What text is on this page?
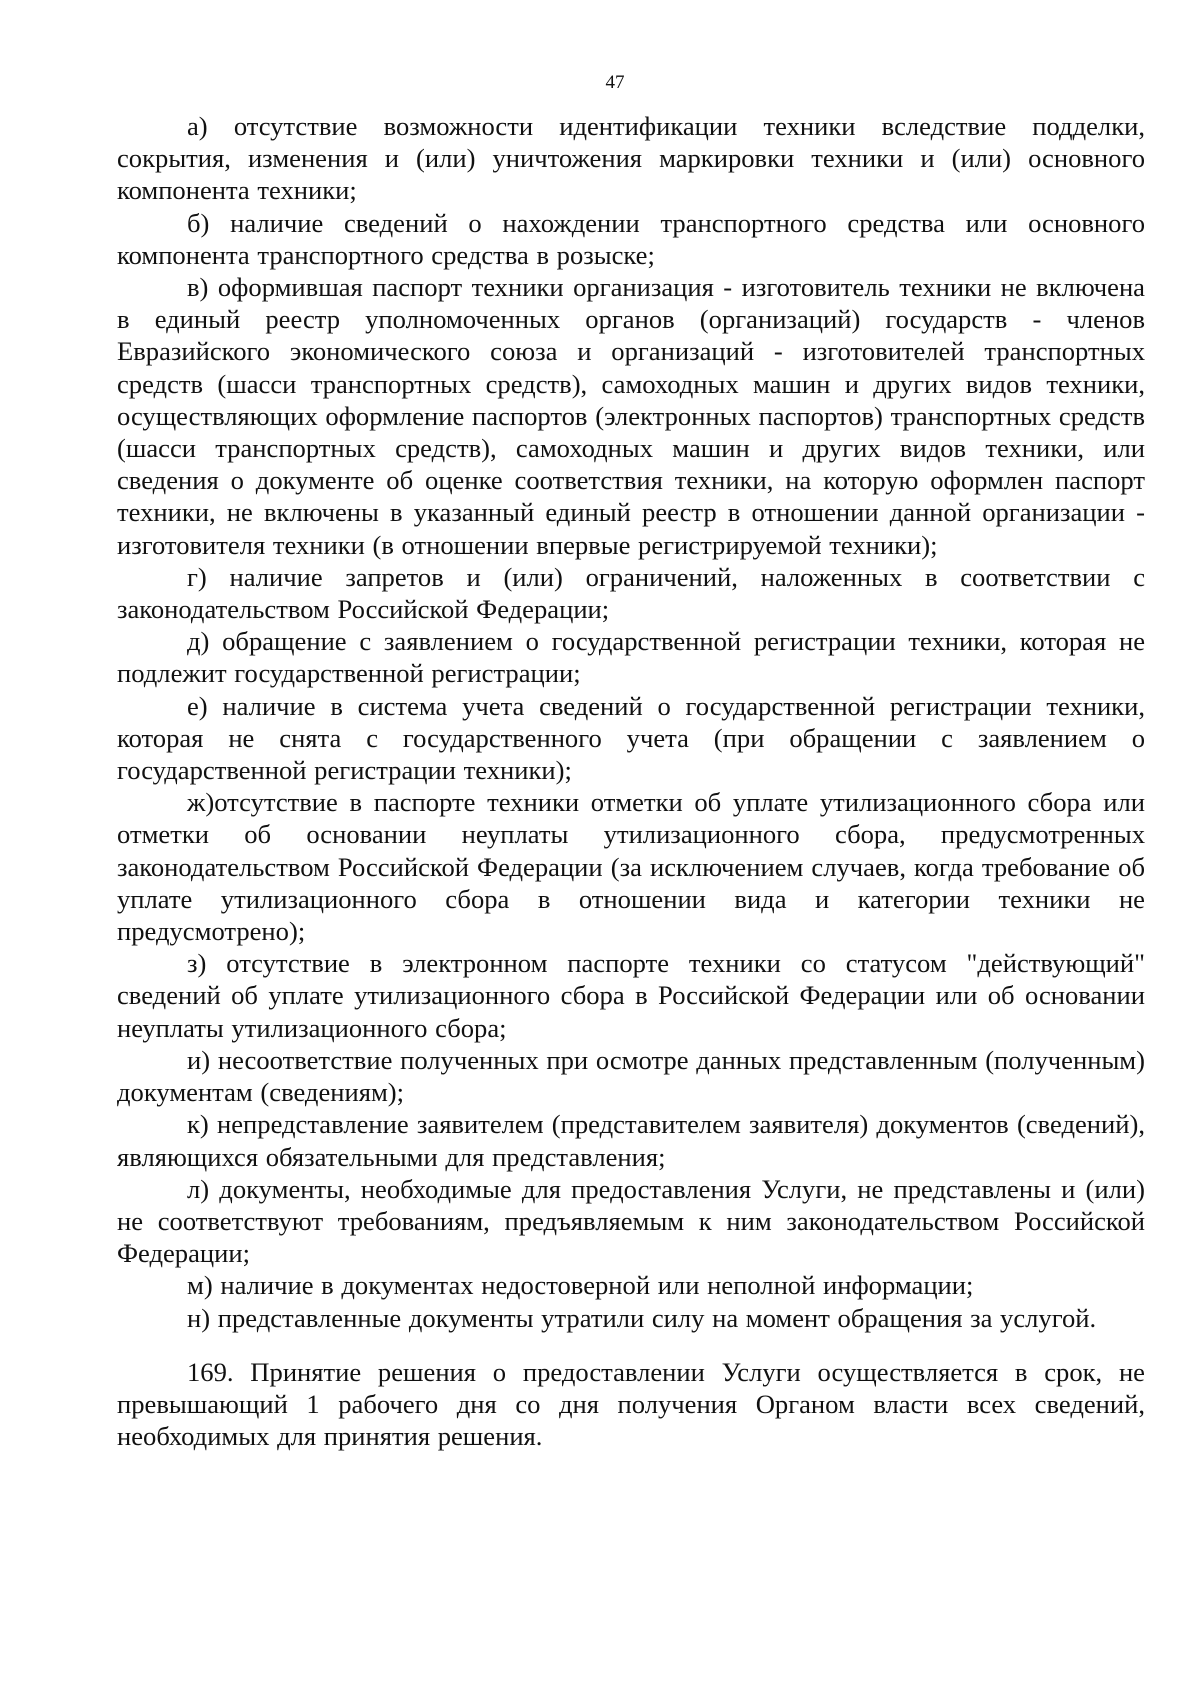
47

а) отсутствие возможности идентификации техники вследствие подделки, сокрытия, изменения и (или) уничтожения маркировки техники и (или) основного компонента техники;

б) наличие сведений о нахождении транспортного средства или основного компонента транспортного средства в розыске;

в) оформившая паспорт техники организация - изготовитель техники не включена в единый реестр уполномоченных органов (организаций) государств - членов Евразийского экономического союза и организаций - изготовителей транспортных средств (шасси транспортных средств), самоходных машин и других видов техники, осуществляющих оформление паспортов (электронных паспортов) транспортных средств (шасси транспортных средств), самоходных машин и других видов техники, или сведения о документе об оценке соответствия техники, на которую оформлен паспорт техники, не включены в указанный единый реестр в отношении данной организации - изготовителя техники (в отношении впервые регистрируемой техники);

г) наличие запретов и (или) ограничений, наложенных в соответствии с законодательством Российской Федерации;

д) обращение с заявлением о государственной регистрации техники, которая не подлежит государственной регистрации;

е) наличие в система учета сведений о государственной регистрации техники, которая не снята с государственного учета (при обращении с заявлением о государственной регистрации техники);

ж)отсутствие в паспорте техники отметки об уплате утилизационного сбора или отметки об основании неуплаты утилизационного сбора, предусмотренных законодательством Российской Федерации (за исключением случаев, когда требование об уплате утилизационного сбора в отношении вида и категории техники не предусмотрено);

з) отсутствие в электронном паспорте техники со статусом "действующий" сведений об уплате утилизационного сбора в Российской Федерации или об основании неуплаты утилизационного сбора;

и) несоответствие полученных при осмотре данных представленным (полученным) документам (сведениям);

к) непредставление заявителем (представителем заявителя) документов (сведений), являющихся обязательными для представления;

л) документы, необходимые для предоставления Услуги, не представлены и (или) не соответствуют требованиям, предъявляемым к ним законодательством Российской Федерации;

м) наличие в документах недостоверной или неполной информации;

н) представленные документы утратили силу на момент обращения за услугой.

169. Принятие решения о предоставлении Услуги осуществляется в срок, не превышающий 1 рабочего дня со дня получения Органом власти всех сведений, необходимых для принятия решения.
